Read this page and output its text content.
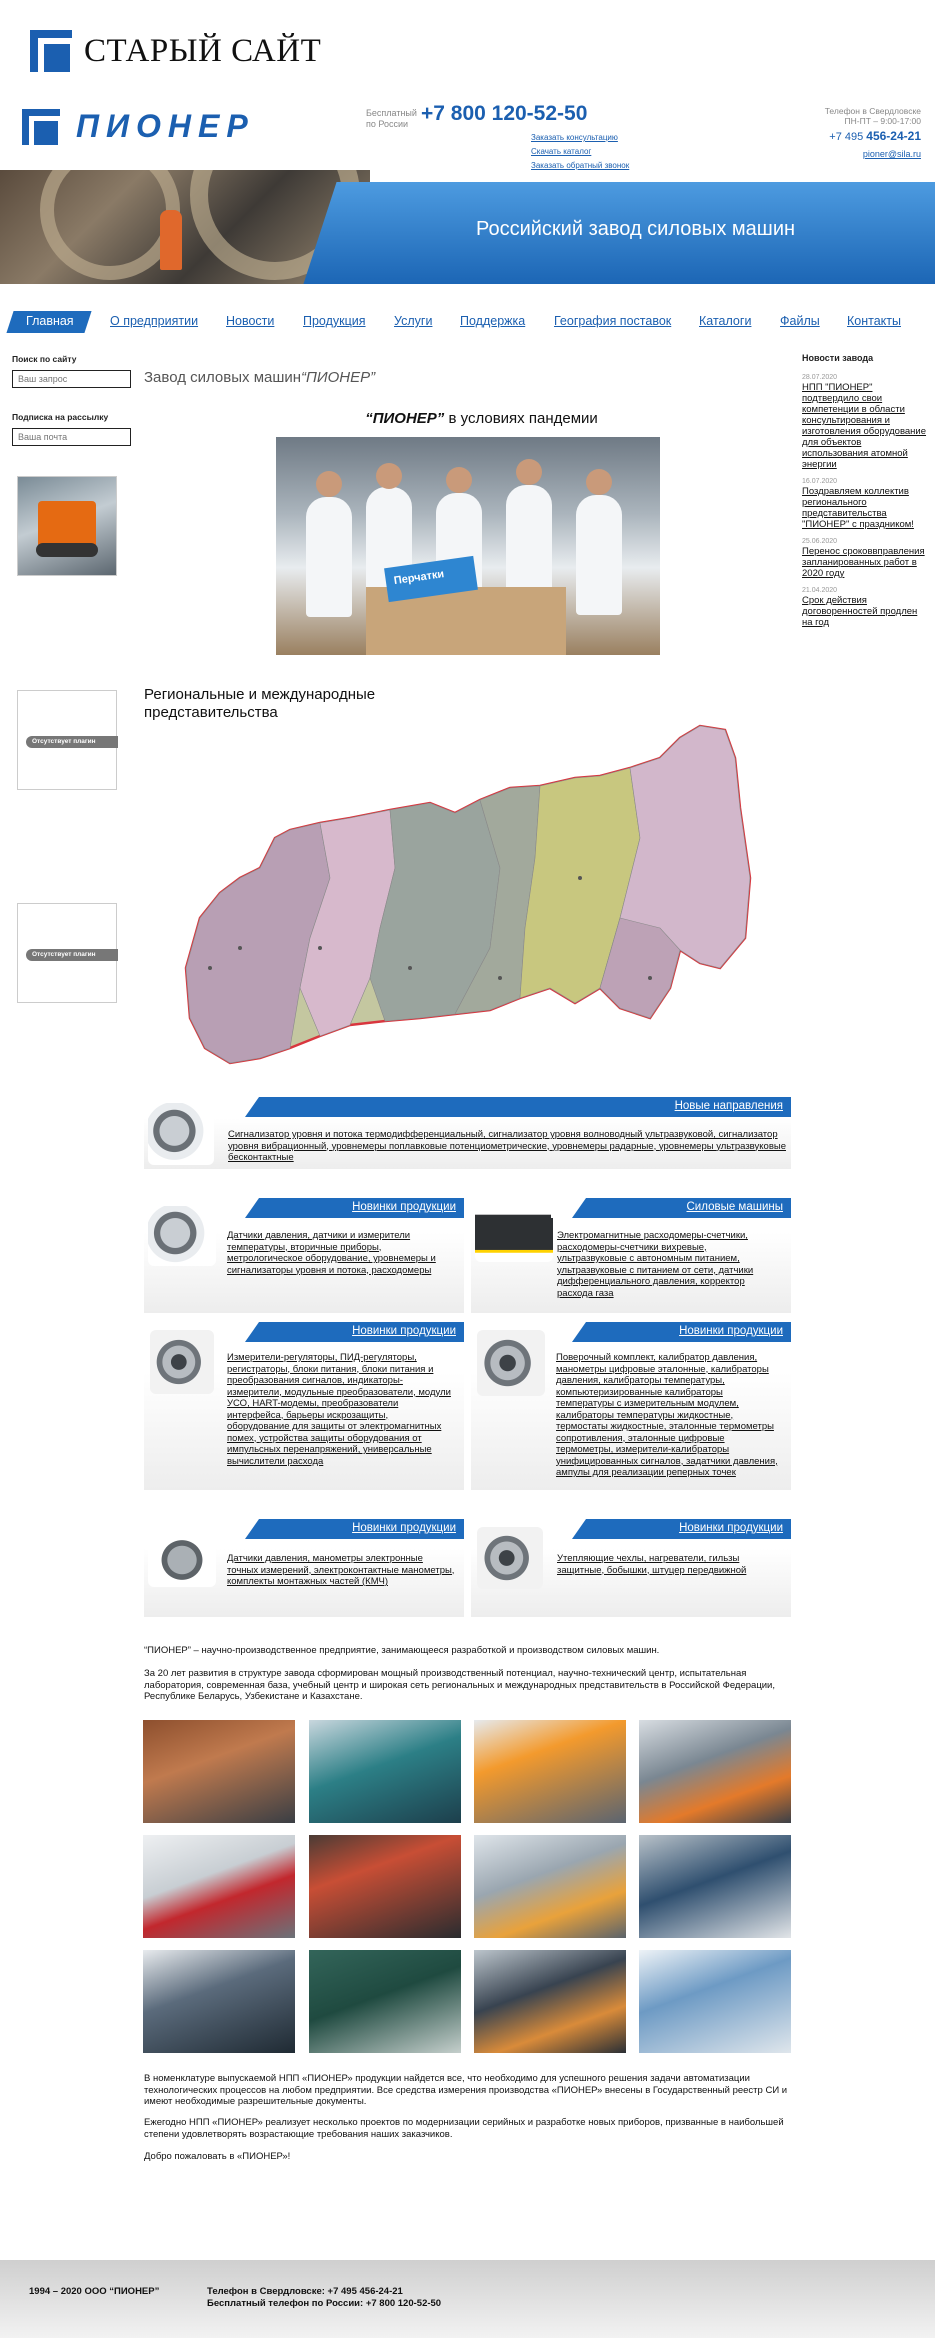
СТАРЫЙ САЙТ
ПИОНЕР	Бесплатный по России +7 800 120-52-50
Заказать консультацию
Скачать каталог
Заказать обратный звонок
Телефон в Свердловске
ПН-ПТ – 9:00-17:00
+7 495 456-24-21
pioner@sila.ru
Российский завод силовых машин
Главная	О предприятии Новости Продукция Услуги Поддержка География поставок Каталоги Файлы Контакты
Поиск по сайту
Ваш запрос
Подписка на рассылку
Ваша почта
Отсутствует плагин
Отсутствует плагин
Завод силовых машин“ПИОНЕР”
“ПИОНЕР” в условиях пандемии
Перчатки
Региональные и международные
представительства
Новости завода
28.07.2020
НПП "ПИОНЕР" подтвердило свои компетенции в области консультирования и изготовления оборудование для объектов использования атомной энергии
16.07.2020
Поздравляем коллектив регионального представительства "ПИОНЕР" с праздником!
25.06.2020
Перенос сроковвправления запланированных работ в 2020 году
21.04.2020
Срок действия договоренностей продлен на год
Новые направления
Сигнализатор уровня и потока термодифференциальный, сигнализатор уровня волноводный ультразвуковой, сигнализатор уровня вибрационный, уровнемеры поплавковые потенциометрические, уровнемеры радарные, уровнемеры ультразвуковые бесконтактные
Новинки продукции
Датчики давления, датчики и измерители температуры, вторичные приборы, метрологическое оборудование, уровнемеры и сигнализаторы уровня и потока, расходомеры
Силовые машины
Электромагнитные расходомеры-счетчики, расходомеры-счетчики вихревые, ультразвуковые с автономным питанием, ультразвуковые с питанием от сети, датчики дифференциального давления, корректор расхода газа
Новинки продукции
Измерители-регуляторы, ПИД-регуляторы, регистраторы, блоки питания, блоки питания и преобразования сигналов, индикаторы-измерители, модульные преобразователи, модули УСО, HART-модемы, преобразователи интерфейса, барьеры искрозащиты, оборудование для защиты от электромагнитных помех, устройства защиты оборудования от импульсных перенапряжений, универсальные вычислители расхода
Новинки продукции
Поверочный комплект, калибратор давления, манометры цифровые эталонные, калибраторы давления, калибраторы температуры, компьютеризированные калибраторы температуры с измерительным модулем, калибраторы температуры жидкостные, термостаты жидкостные, эталонные термометры сопротивления, эталонные цифровые термометры, измерители-калибраторы унифицированных сигналов, задатчики давления, ампулы для реализации реперных точек
Новинки продукции
Датчики давления, манометры электронные точных измерений, электроконтактные манометры, комплекты монтажных частей (КМЧ)
Новинки продукции
Утепляющие чехлы, нагреватели, гильзы защитные, бобышки, штуцер передвижной
“ПИОНЕР” – научно-производственное предприятие, занимающееся разработкой и производством силовых машин.
За 20 лет развития в структуре завода сформирован мощный производственный потенциал, научно-технический центр, испытательная лаборатория, современная база, учебный центр и широкая сеть региональных и международных представительств в Российской Федерации, Республике Беларусь, Узбекистане и Казахстане.
В номенклатуре выпускаемой НПП «ПИОНЕР» продукции найдется все, что необходимо для успешного решения задачи автоматизации технологических процессов на любом предприятии. Все средства измерения производства «ПИОНЕР» внесены в Государственный реестр СИ и имеют необходимые разрешительные документы.
Ежегодно НПП «ПИОНЕР» реализует несколько проектов по модернизации серийных и разработке новых приборов, призванные в наибольшей степени удовлетворять возрастающие требования наших заказчиков.
Добро пожаловать в «ПИОНЕР»!
1994 – 2020 ООО “ПИОНЕР”	Телефон в Свердловске: +7 495 456-24-21
Бесплатный телефон по России: +7 800 120-52-50
